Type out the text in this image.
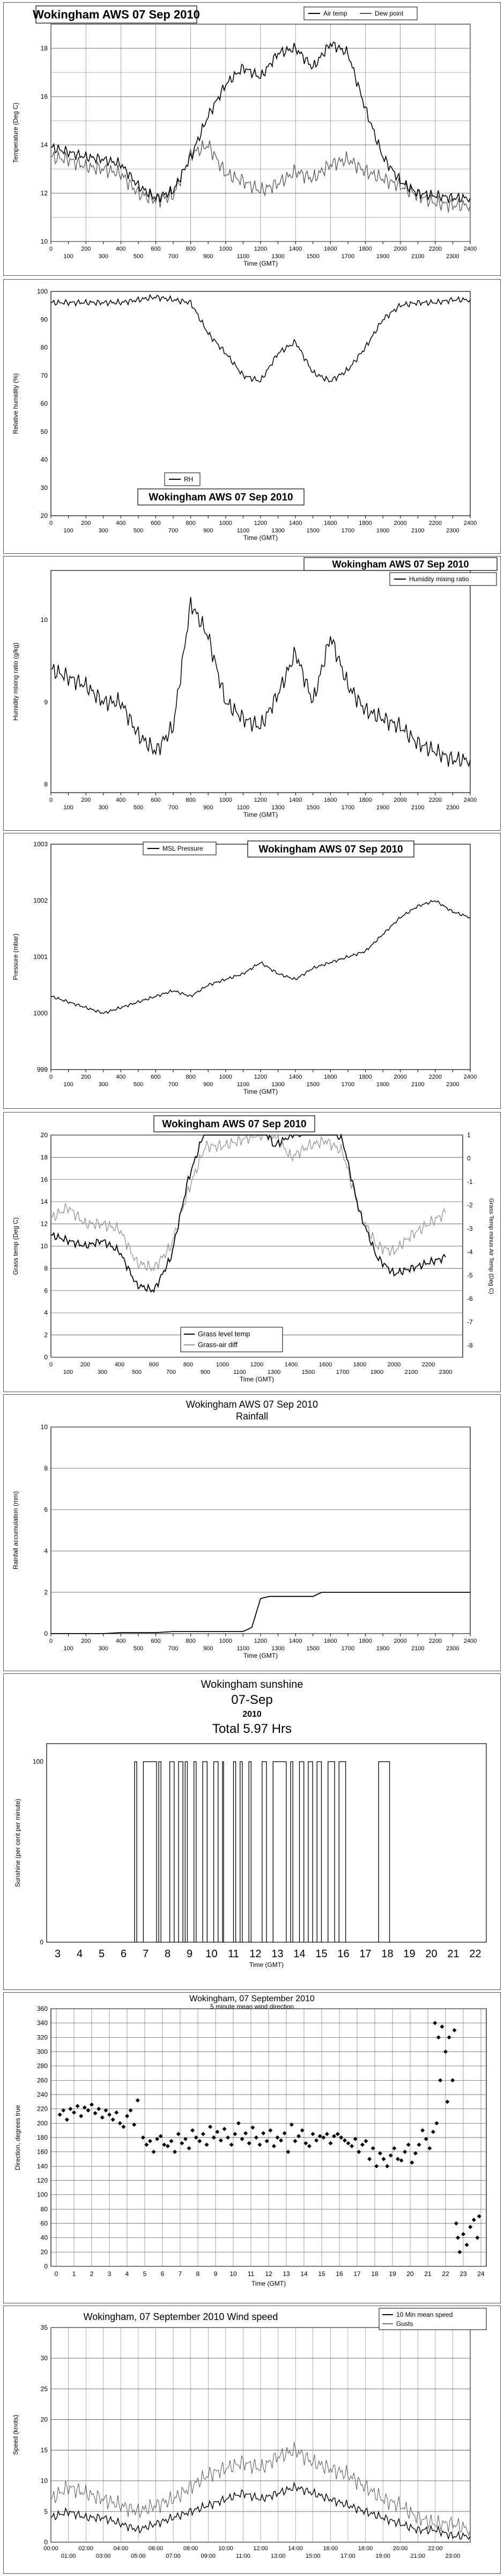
10
12
14
16
18
Temperature (Deg C)
0	200	400	600	800	1000	1200	1400	1600	1800	2000	2200	2400
100	300	500	700	900	1100	1300	1500	1700	1900	2100	2300
Time (GMT)
Wokingham AWS 07 Sep 2010	Air temp	Dew point
20
30
40
50
60
70
80
90
100
Relative humidity (%)
0	200	400	600	800	1000	1200	1400	1600	1800	2000	2200	2400
100	300	500	700	900	1100	1300	1500	1700	1900	2100	2300
Time (GMT)
RH
Wokingham AWS 07 Sep 2010
8
9
10
Humidity mixing ratio (g/kg)
0	200	400	600	800	1000	1200	1400	1600	1800	2000	2200	2400
100	300	500	700	900	1100	1300	1500	1700	1900	2100	2300
Time (GMT)
Wokingham AWS 07 Sep 2010
Humidity mixing ratio
999
1000
1001
1002
1003
Pressure (mbar)
0	200	400	600	800	1000	1200	1400	1600	1800	2000	2200	2400
100	300	500	700	900	1100	1300	1500	1700	1900	2100	2300
Time (GMT)
MSL Pressure	Wokingham AWS 07 Sep 2010
0
2
4
6
8
10
12
14
16
18
20
-8
-7
-6
-5
-4
-3
-2
-1
0
1
Grass temp (Deg C)	Grass Temp minus Air Temp (Deg C)
0	200	400	600	800	1000	1200	1400	1600	1800	2000	2200
100	300	500	700	900	1100	1300	1500	1700	1900	2100	2300
Time (GMT)
Wokingham AWS 07 Sep 2010
Grass level temp
Grass-air diff
0
2
4
6
8
10
Rainfall accumulation (mm)
0	200	400	600	800	1000	1200	1400	1600	1800	2000	2200	2400
100	300	500	700	900	1100	1300	1500	1700	1900	2100	2300
Time (GMT)
Wokingham AWS 07 Sep 2010
Rainfall
100
0
Sunshine (per cent per minute)
3 4 5 6 7 8 9 10 11 12 13 14 15 16 17 18 19 20 21 22
Time (GMT)
Wokingham sunshine
07-Sep
2010
Total 5.97 Hrs
0
20
40
60
80
100
120
140
160
180
200
220
240
260
280
300
320
340
360
0 1 2 3 4 5 6 7 8 9 10 11 12 13 14 15 16 17 18 19 20 21 22 23 24
Time (GMT)
Direction, degrees true
Wokingham, 07 September 2010
5 minute mean wind direction
0
5
10
15
20
25
30
35
Speed (knots)
00:00	02:00	04:00	06:00	08:00	10:00	12:00	14:00	16:00	18:00	20:00	22:00
01:00	03:00	05:00	07:00	09:00	11:00	13:00	15:00	17:00	19:00	21:00	23:00
Wokingham, 07 September 2010 Wind speed	10 Min mean speed
Gusts
